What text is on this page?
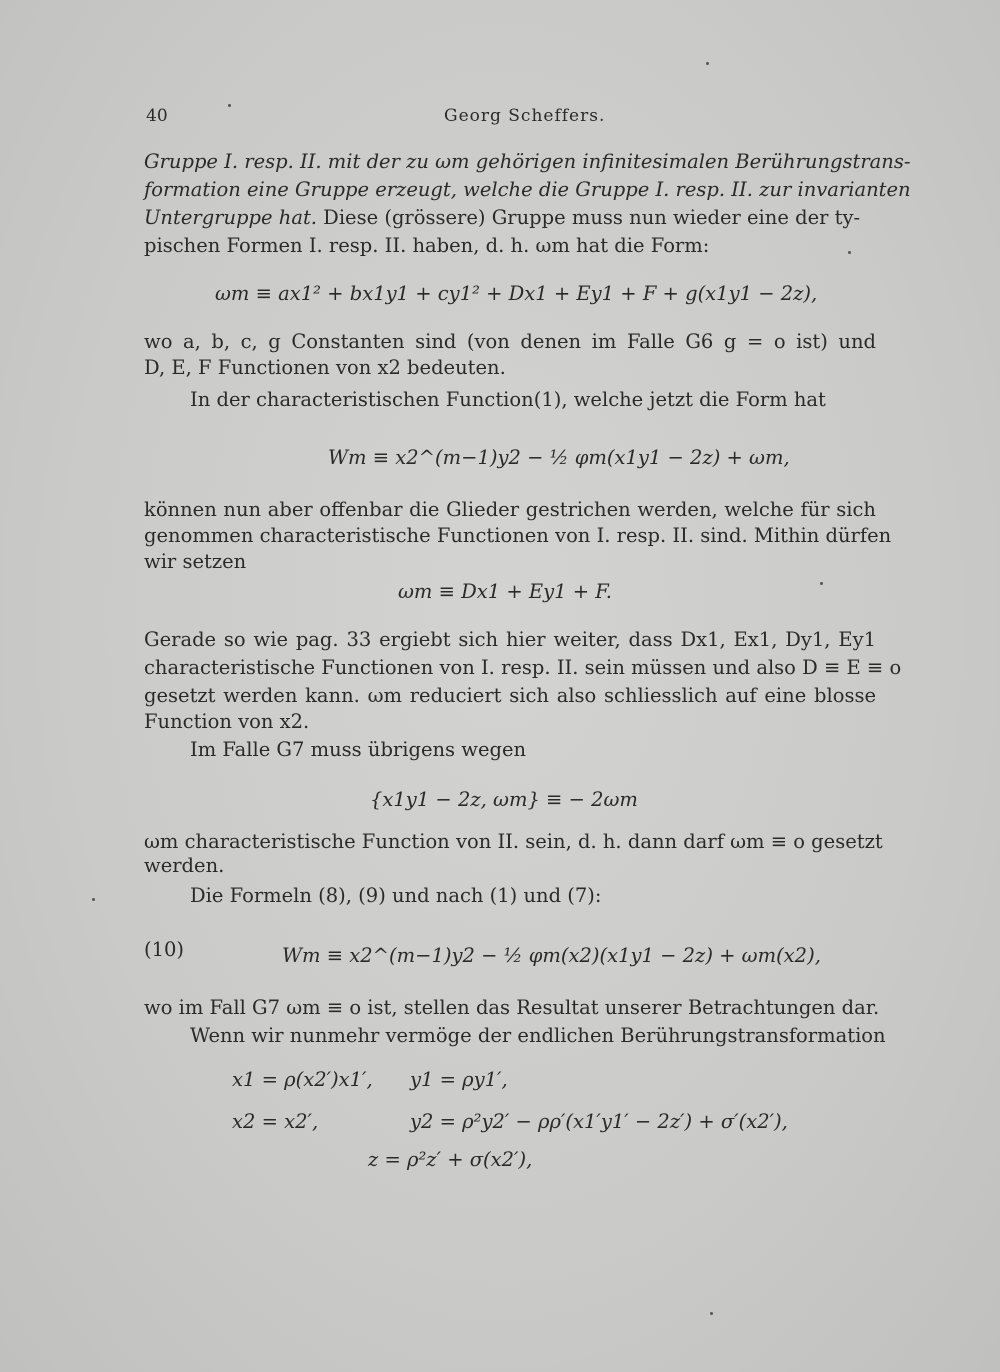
40	Georg Scheffers.
Gruppe I. resp. II. mit der zu ωm gehörigen infinitesimalen Berührungstrans-
formation eine Gruppe erzeugt, welche die Gruppe I. resp. II. zur invarianten
Untergruppe hat. Diese (grössere) Gruppe muss nun wieder eine der ty-
pischen Formen I. resp. II. haben, d. h. ωm hat die Form:
ωm ≡ ax1² + bx1y1 + cy1² + Dx1 + Ey1 + F + g(x1y1 − 2z),
wo a, b, c, g Constanten sind (von denen im Falle G6 g = o ist) und
D, E, F Functionen von x2 bedeuten.
In der characteristischen Function(1), welche jetzt die Form hat
Wm ≡ x2^(m−1)y2 − ½ φm(x1y1 − 2z) + ωm,
können nun aber offenbar die Glieder gestrichen werden, welche für sich
genommen characteristische Functionen von I. resp. II. sind. Mithin dürfen
wir setzen
ωm ≡ Dx1 + Ey1 + F.
Gerade so wie pag. 33 ergiebt sich hier weiter, dass Dx1, Ex1, Dy1, Ey1
characteristische Functionen von I. resp. II. sein müssen und also D ≡ E ≡ o
gesetzt werden kann. ωm reduciert sich also schliesslich auf eine blosse
Function von x2.
Im Falle G7 muss übrigens wegen
{x1y1 − 2z, ωm} ≡ − 2ωm
ωm characteristische Function von II. sein, d. h. dann darf ωm ≡ o gesetzt
werden.
Die Formeln (8), (9) und nach (1) und (7):
(10)	Wm ≡ x2^(m−1)y2 − ½ φm(x2)(x1y1 − 2z) + ωm(x2),
wo im Fall G7 ωm ≡ o ist, stellen das Resultat unserer Betrachtungen dar.
Wenn wir nunmehr vermöge der endlichen Berührungstransformation
x1 = ρ(x2′)x1′, y1 = ρy1′,
x2 = x2′,	y2 = ρ²y2′ − ρρ′(x1′y1′ − 2z′) + σ′(x2′),
z = ρ²z′ + σ(x2′),
